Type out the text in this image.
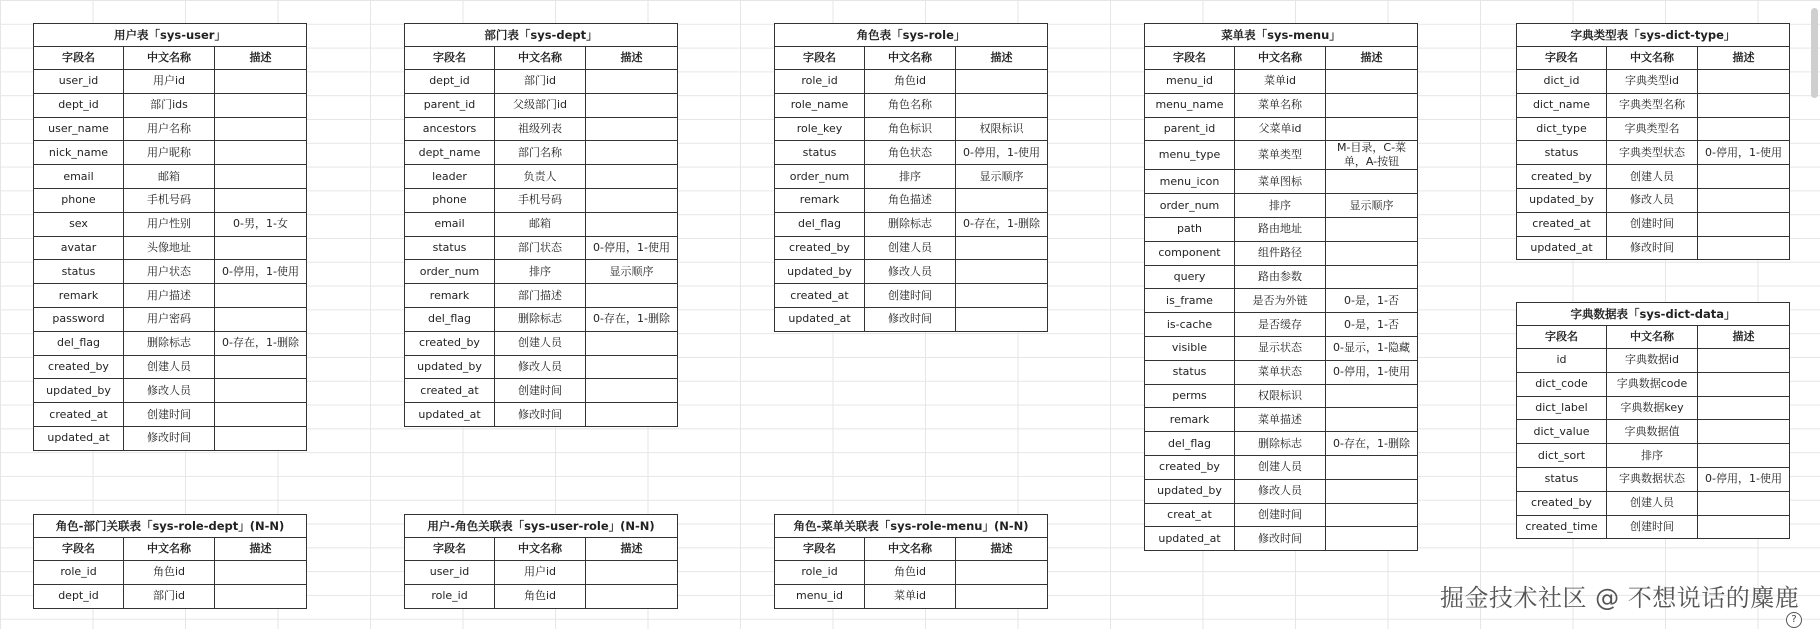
用户表「sys-user」		
字段名	中文名称	描述
user_id	用户id	
dept_id	部门ids	
user_name	用户名称	
nick_name	用户昵称	
email	邮箱	
phone	手机号码	
sex	用户性别	0-男，1-女
avatar	头像地址	
status	用户状态	0-停用，1-使用
remark	用户描述	
password	用户密码	
del_flag	删除标志	0-存在，1-删除
created_by	创建人员	
updated_by	修改人员	
created_at	创建时间	
updated_at	修改时间	
部门表「sys-dept」		
字段名	中文名称	描述
dept_id	部门id	
parent_id	父级部门id	
ancestors	祖级列表	
dept_name	部门名称	
leader	负责人	
phone	手机号码	
email	邮箱	
status	部门状态	0-停用，1-使用
order_num	排序	显示顺序
remark	部门描述	
del_flag	删除标志	0-存在，1-删除
created_by	创建人员	
updated_by	修改人员	
created_at	创建时间	
updated_at	修改时间	
角色表「sys-role」		
字段名	中文名称	描述
role_id	角色id	
role_name	角色名称	
role_key	角色标识	权限标识
status	角色状态	0-停用，1-使用
order_num	排序	显示顺序
remark	角色描述	
del_flag	删除标志	0-存在，1-删除
created_by	创建人员	
updated_by	修改人员	
created_at	创建时间	
updated_at	修改时间	
菜单表「sys-menu」		
字段名	中文名称	描述
menu_id	菜单id	
menu_name	菜单名称	
parent_id	父菜单id	
menu_type	菜单类型	M-目录，C-菜单，A-按钮
menu_icon	菜单图标	
order_num	排序	显示顺序
path	路由地址	
component	组件路径	
query	路由参数	
is_frame	是否为外链	0-是，1-否
is-cache	是否缓存	0-是，1-否
visible	显示状态	0-显示，1-隐藏
status	菜单状态	0-停用，1-使用
perms	权限标识	
remark	菜单描述	
del_flag	删除标志	0-存在，1-删除
created_by	创建人员	
updated_by	修改人员	
creat_at	创建时间	
updated_at	修改时间	
字典类型表「sys-dict-type」		
字段名	中文名称	描述
dict_id	字典类型id	
dict_name	字典类型名称	
dict_type	字典类型名	
status	字典类型状态	0-停用，1-使用
created_by	创建人员	
updated_by	修改人员	
created_at	创建时间	
updated_at	修改时间	
字典数据表「sys-dict-data」		
字段名	中文名称	描述
id	字典数据id	
dict_code	字典数据code	
dict_label	字典数据key	
dict_value	字典数据值	
dict_sort	排序	
status	字典数据状态	0-停用，1-使用
created_by	创建人员	
created_time	创建时间	
角色-部门关联表「sys-role-dept」(N-N)		
字段名	中文名称	描述
role_id	角色id	
dept_id	部门id	
用户-角色关联表「sys-user-role」(N-N)		
字段名	中文名称	描述
user_id	用户id	
role_id	角色id	
角色-菜单关联表「sys-role-menu」(N-N)		
字段名	中文名称	描述
role_id	角色id	
menu_id	菜单id		掘金技术社区 @ 不想说话的麋鹿
?
